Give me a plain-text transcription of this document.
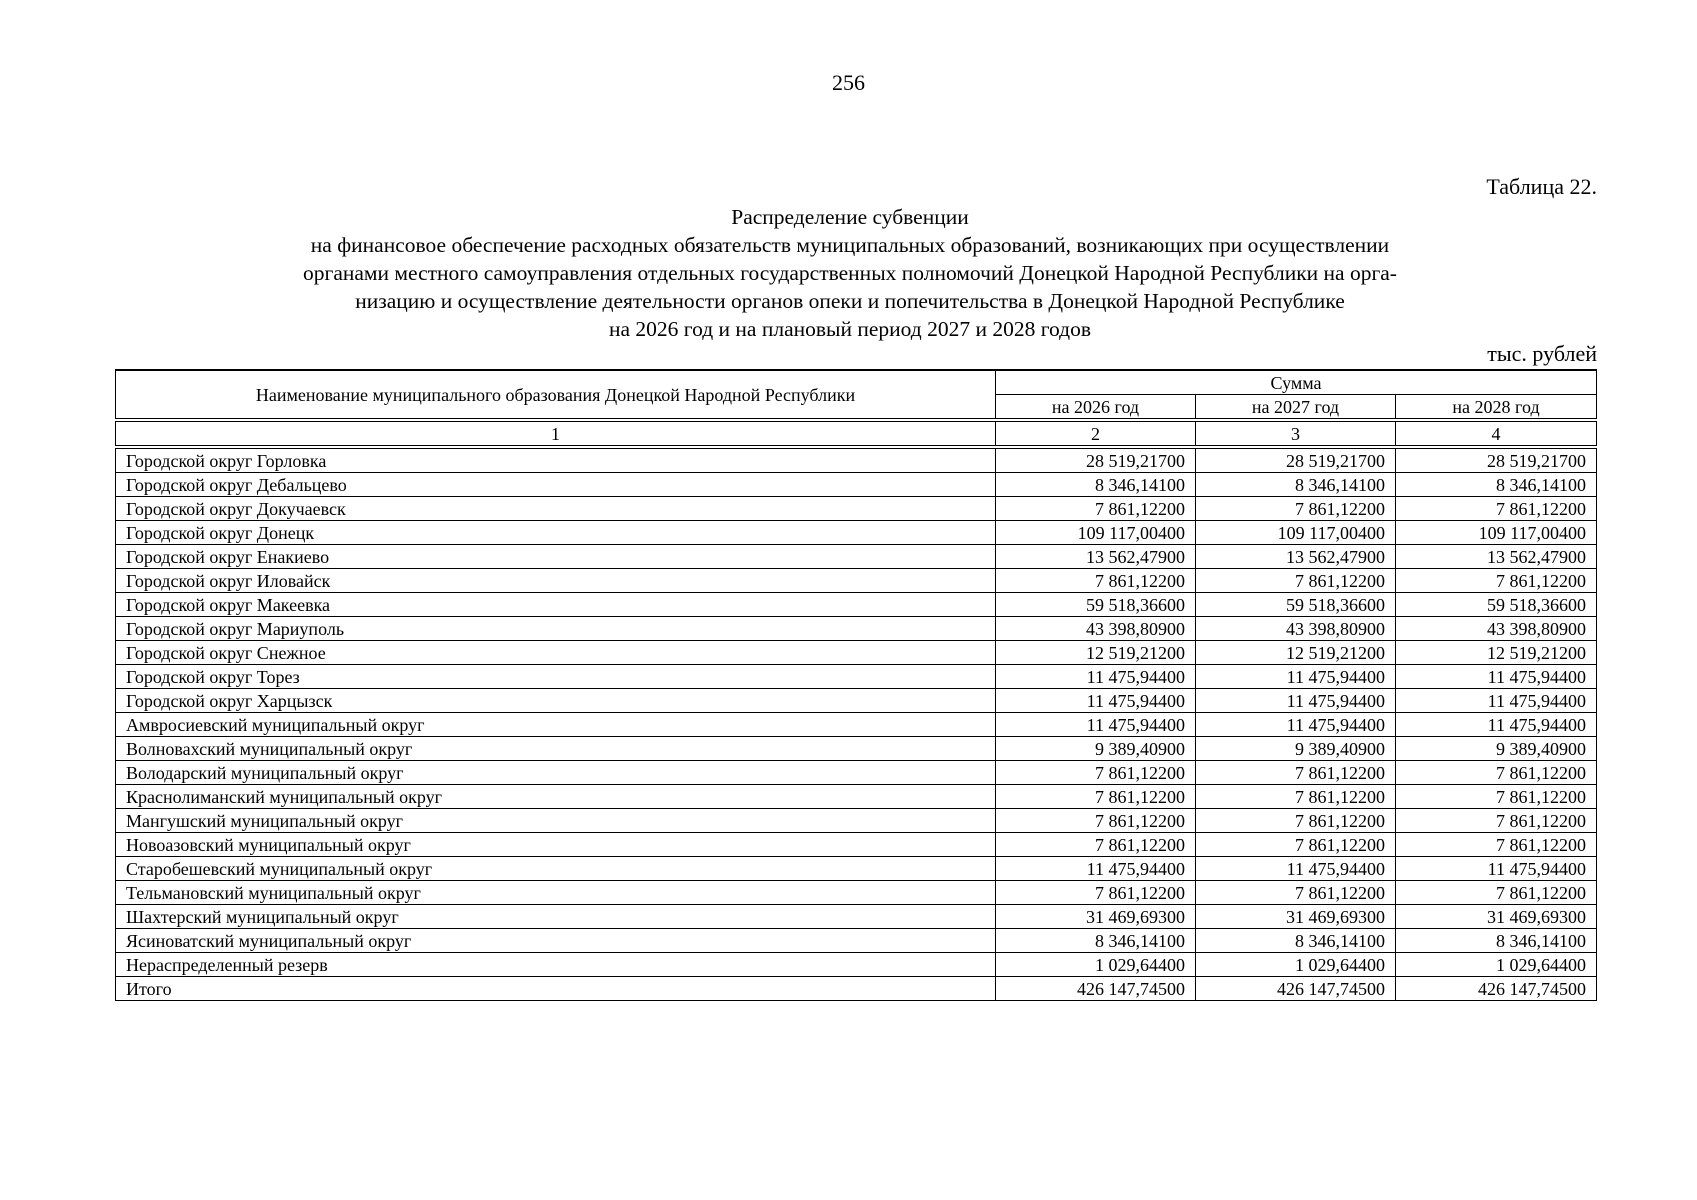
256
Таблица 22.
Распределение субвенции
на финансовое обеспечение расходных обязательств муниципальных образований, возникающих при осуществлении
органами местного самоуправления отдельных государственных полномочий Донецкой Народной Республики на орга-
низацию и осуществление деятельности органов опеки и попечительства в Донецкой Народной Республике
на 2026 год и на плановый период 2027 и 2028 годов
тыс. рублей
Наименование муниципального образования Донецкой Народной Республики	Сумма		
	на 2026 год	на 2027 год	на 2028 год
1	2	3	4
Городской округ Горловка	28 519,21700	28 519,21700	28 519,21700
Городской округ Дебальцево	8 346,14100	8 346,14100	8 346,14100
Городской округ Докучаевск	7 861,12200	7 861,12200	7 861,12200
Городской округ Донецк	109 117,00400	109 117,00400	109 117,00400
Городской округ Енакиево	13 562,47900	13 562,47900	13 562,47900
Городской округ Иловайск	7 861,12200	7 861,12200	7 861,12200
Городской округ Макеевка	59 518,36600	59 518,36600	59 518,36600
Городской округ Мариуполь	43 398,80900	43 398,80900	43 398,80900
Городской округ Снежное	12 519,21200	12 519,21200	12 519,21200
Городской округ Торез	11 475,94400	11 475,94400	11 475,94400
Городской округ Харцызск	11 475,94400	11 475,94400	11 475,94400
Амвросиевский муниципальный округ	11 475,94400	11 475,94400	11 475,94400
Волновахский муниципальный округ	9 389,40900	9 389,40900	9 389,40900
Володарский муниципальный округ	7 861,12200	7 861,12200	7 861,12200
Краснолиманский муниципальный округ	7 861,12200	7 861,12200	7 861,12200
Мангушский муниципальный округ	7 861,12200	7 861,12200	7 861,12200
Новоазовский муниципальный округ	7 861,12200	7 861,12200	7 861,12200
Старобешевский муниципальный округ	11 475,94400	11 475,94400	11 475,94400
Тельмановский муниципальный округ	7 861,12200	7 861,12200	7 861,12200
Шахтерский муниципальный округ	31 469,69300	31 469,69300	31 469,69300
Ясиноватский муниципальный округ	8 346,14100	8 346,14100	8 346,14100
Нераспределенный резерв	1 029,64400	1 029,64400	1 029,64400
Итого	426 147,74500	426 147,74500	426 147,74500
